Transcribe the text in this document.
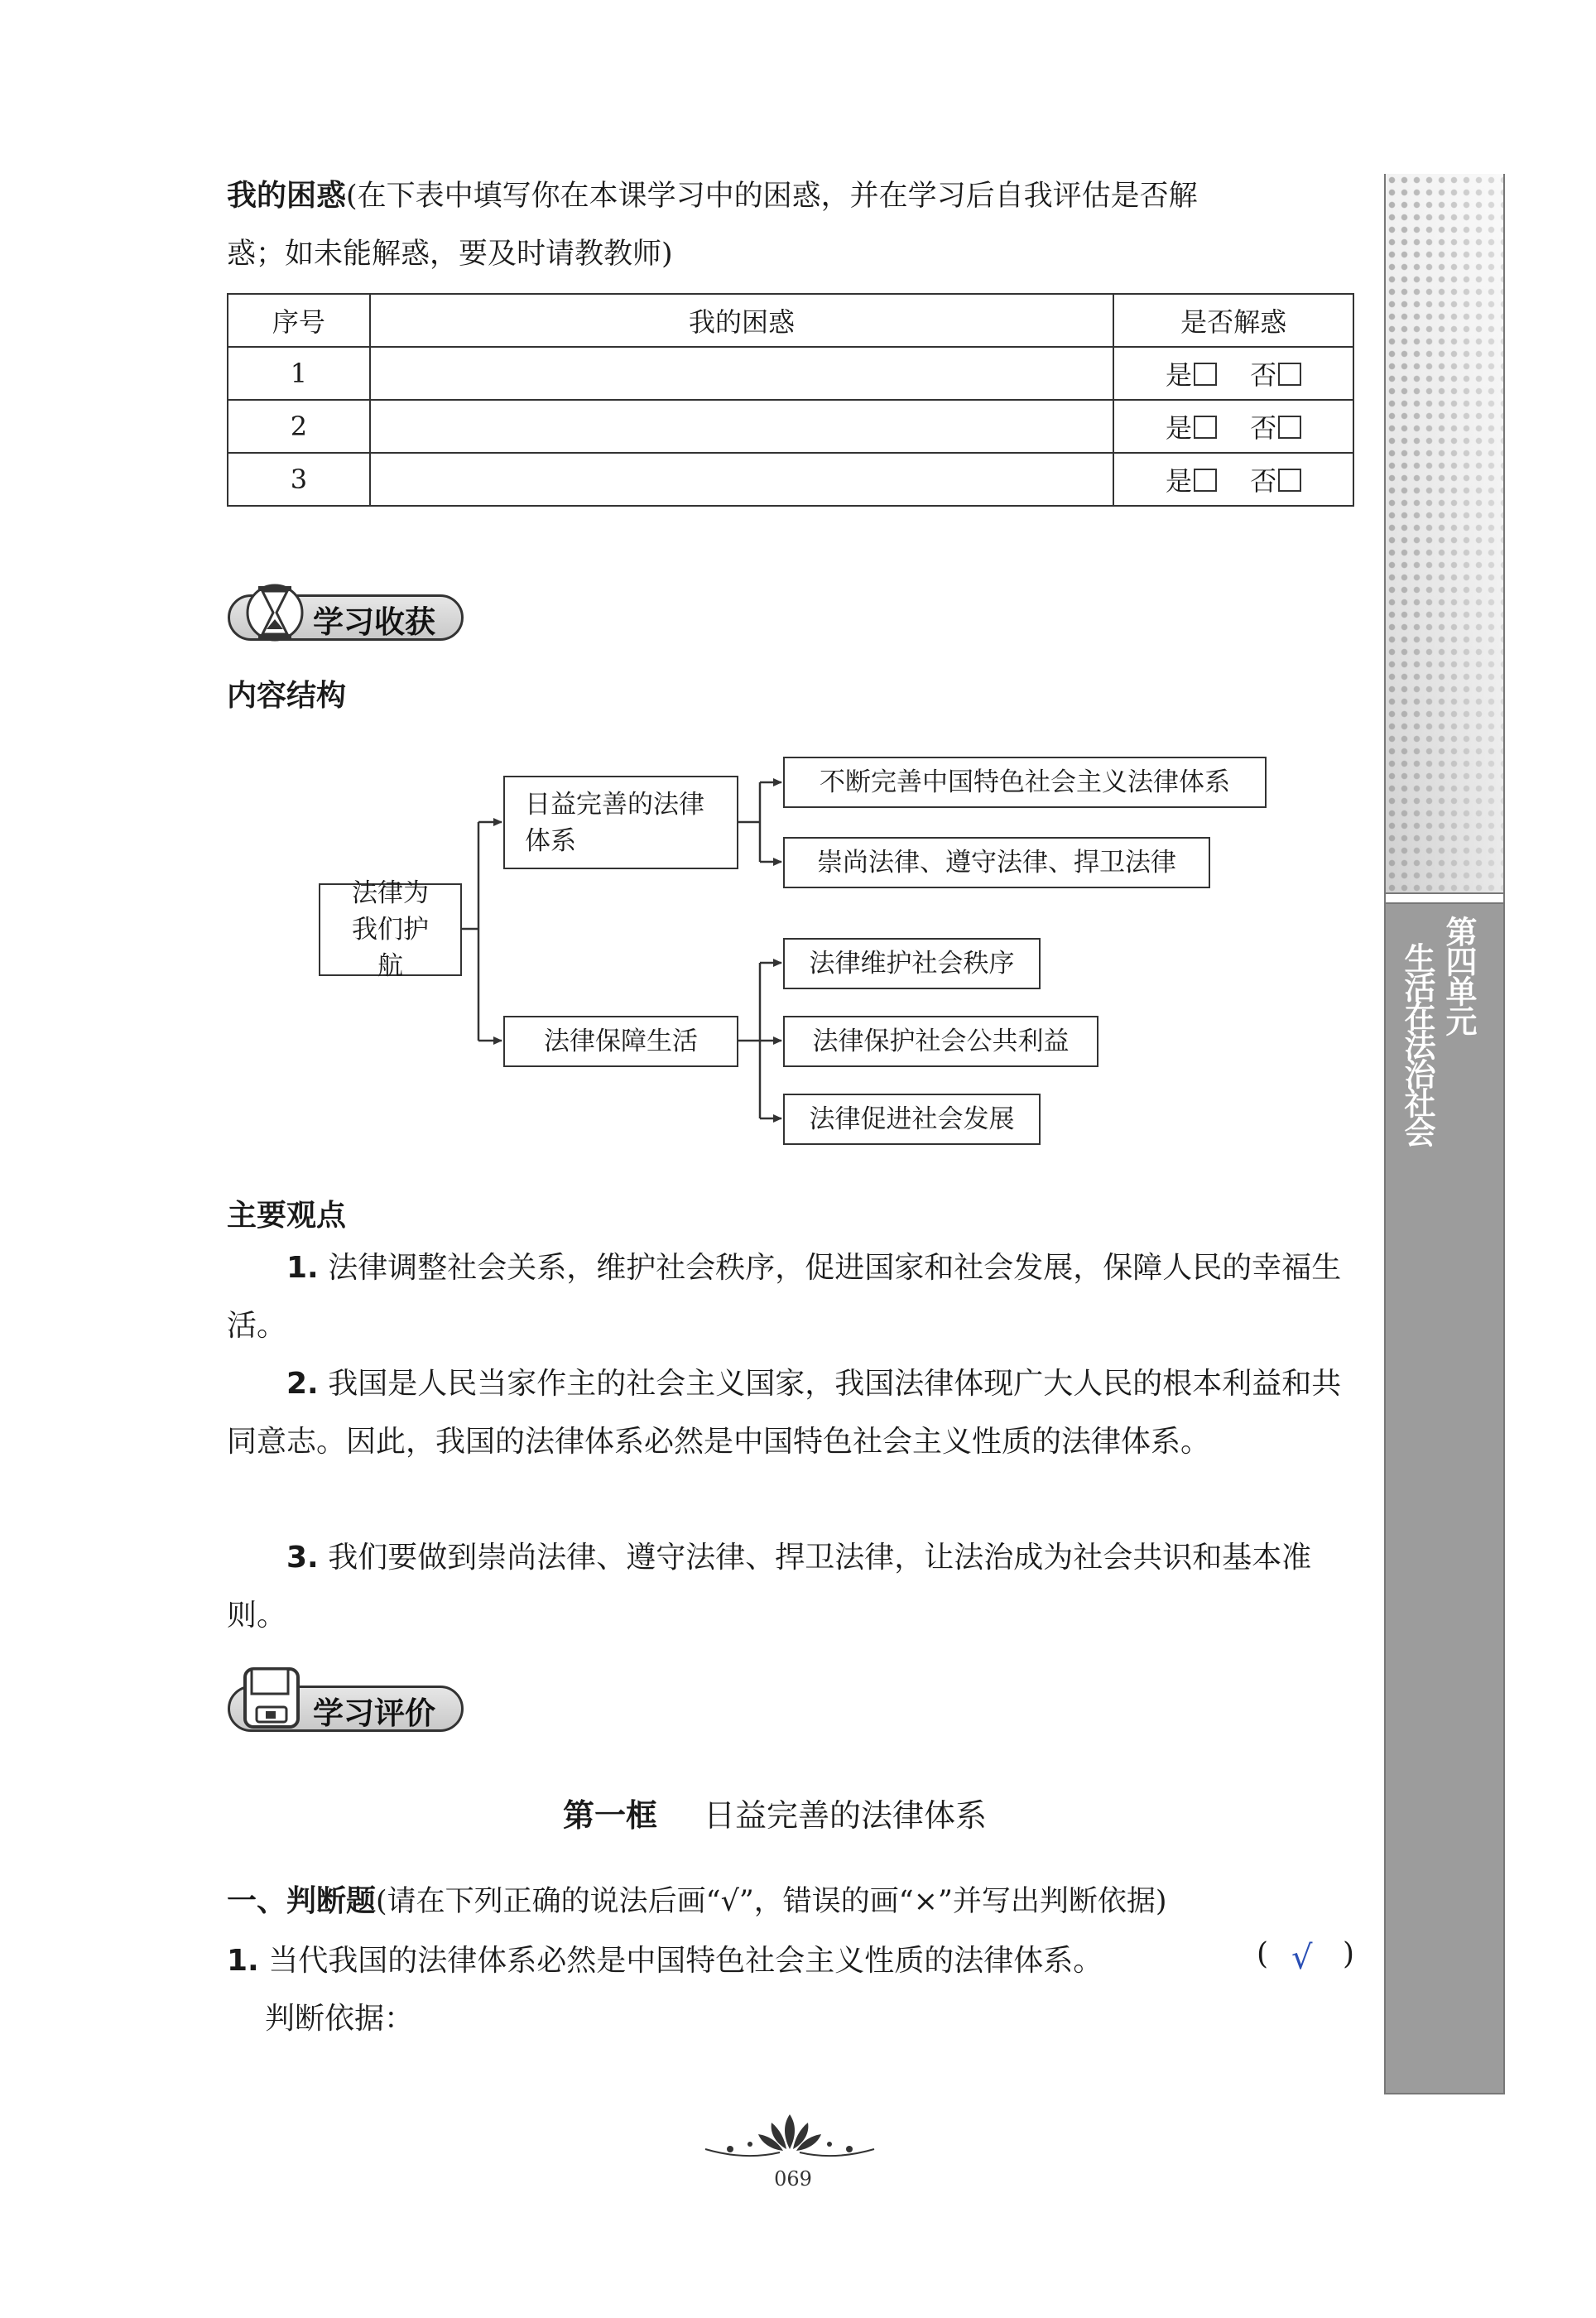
第四单元
生活在法治社会
我的困惑(在下表中填写你在本课学习中的困惑，并在学习后自我评估是否解
惑；如未能解惑，要及时请教教师)
序号	我的困惑	是否解惑
1		是 否
2		是 否
3		是 否
学习收获
内容结构
法律为我们护航
日益完善的法律体系
法律保障生活
不断完善中国特色社会主义法律体系
崇尚法律、遵守法律、捍卫法律
法律维护社会秩序
法律保护社会公共利益
法律促进社会发展
主要观点
1. 法律调整社会关系，维护社会秩序，促进国家和社会发展，保障人民的幸福生活。
2. 我国是人民当家作主的社会主义国家，我国法律体现广大人民的根本利益和共同意志。因此，我国的法律体系必然是中国特色社会主义性质的法律体系。
3. 我们要做到崇尚法律、遵守法律、捍卫法律，让法治成为社会共识和基本准则。
学习评价
第一框 日益完善的法律体系
一、判断题(请在下列正确的说法后画“√”，错误的画“×”并写出判断依据)
1. 当代我国的法律体系必然是中国特色社会主义性质的法律体系。	( √ )
判断依据：
069
